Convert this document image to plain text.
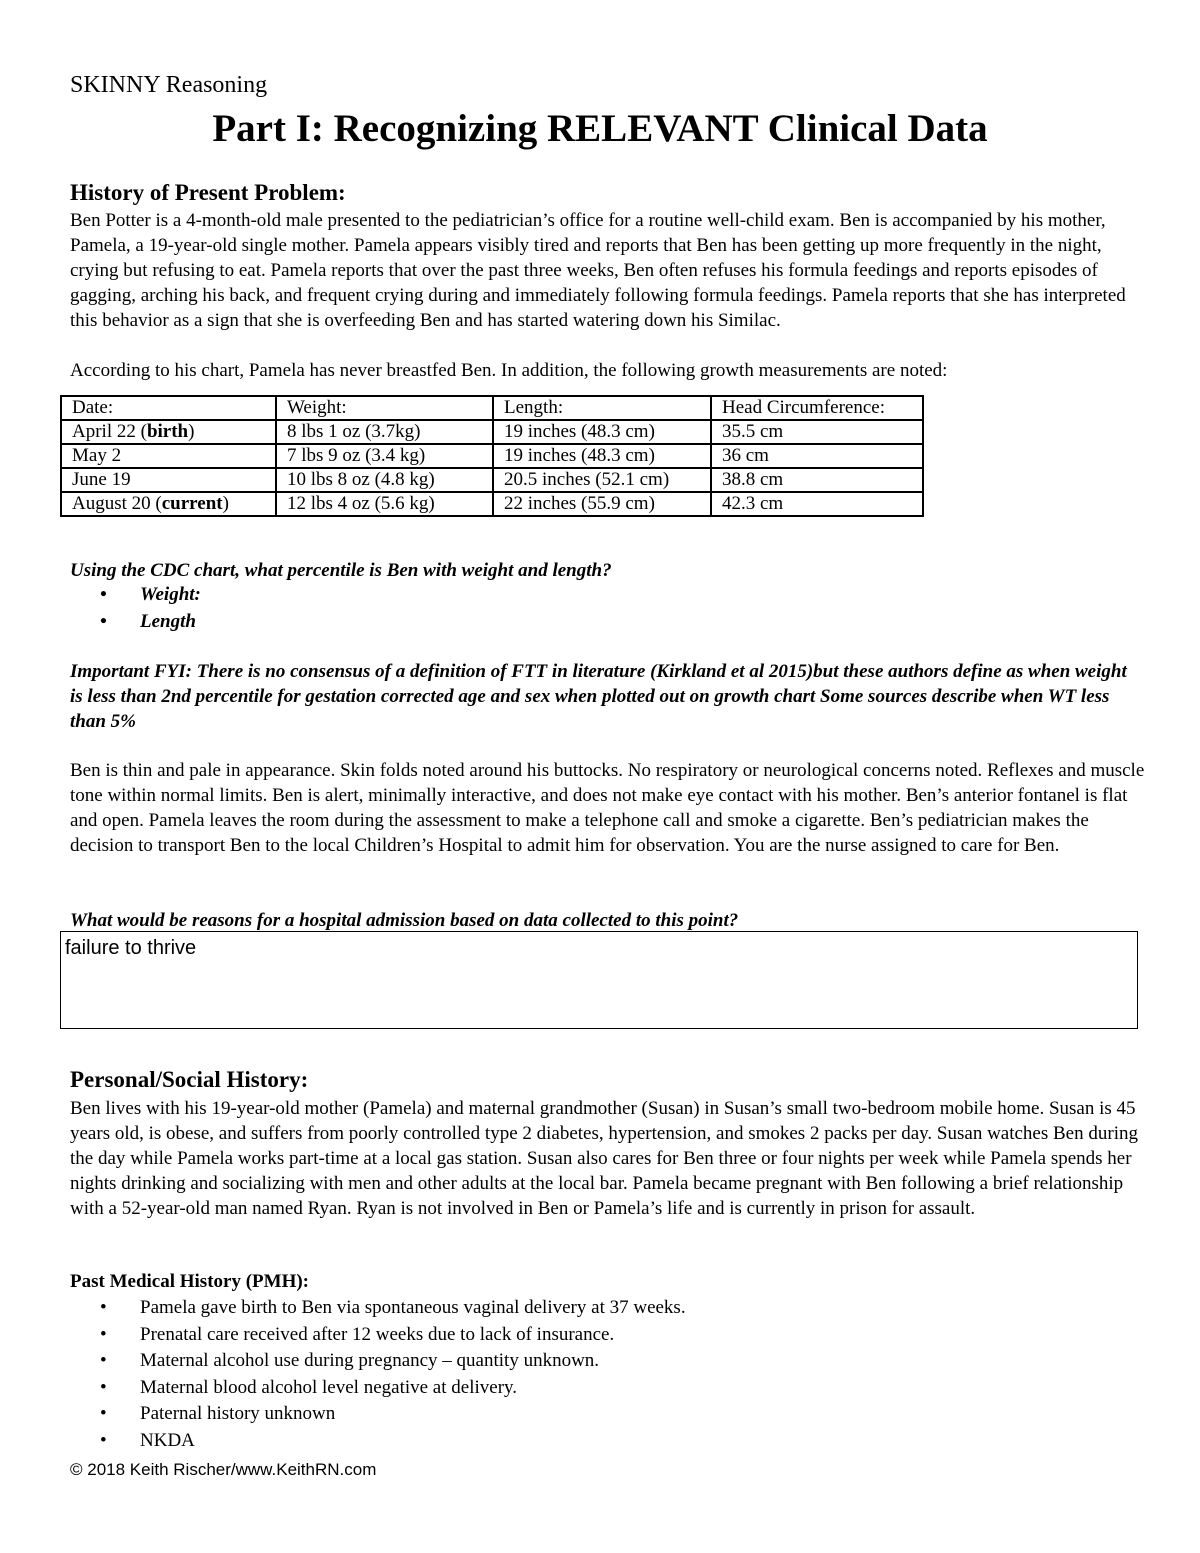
SKINNY Reasoning
Part I: Recognizing RELEVANT Clinical Data
History of Present Problem:

Ben Potter is a 4-month-old male presented to the pediatrician’s office for a routine well-child exam. Ben is accompanied by his mother, Pamela, a 19-year-old single mother. Pamela appears visibly tired and reports that Ben has been getting up more frequently in the night, crying but refusing to eat. Pamela reports that over the past three weeks, Ben often refuses his formula feedings and reports episodes of gagging, arching his back, and frequent crying during and immediately following formula feedings. Pamela reports that she has interpreted this behavior as a sign that she is overfeeding Ben and has started watering down his Similac.

According to his chart, Pamela has never breastfed Ben. In addition, the following growth measurements are noted:

Date:	Weight:	Length:	Head Circumference:
April 22 (birth)	8 lbs 1 oz (3.7kg)	19 inches (48.3 cm)	35.5 cm
May 2	7 lbs 9 oz (3.4 kg)	19 inches (48.3 cm)	36 cm
June 19	10 lbs 8 oz (4.8 kg)	20.5 inches (52.1 cm)	38.8 cm
August 20 (current)	12 lbs 4 oz (5.6 kg)	22 inches (55.9 cm)	42.3 cm

Using the CDC chart, what percentile is Ben with weight and length?

• Weight:
• Length

Important FYI: There is no consensus of a definition of FTT in literature (Kirkland et al 2015)but these authors define as when weight is less than 2nd percentile for gestation corrected age and sex when plotted out on growth chart Some sources describe when WT less than 5%

Ben is thin and pale in appearance. Skin folds noted around his buttocks. No respiratory or neurological concerns noted. Reflexes and muscle tone within normal limits. Ben is alert, minimally interactive, and does not make eye contact with his mother. Ben’s anterior fontanel is flat and open. Pamela leaves the room during the assessment to make a telephone call and smoke a cigarette. Ben’s pediatrician makes the decision to transport Ben to the local Children’s Hospital to admit him for observation. You are the nurse assigned to care for Ben.

What would be reasons for a hospital admission based on data collected to this point?

failure to thrive
Personal/Social History:

Ben lives with his 19-year-old mother (Pamela) and maternal grandmother (Susan) in Susan’s small two-bedroom mobile home. Susan is 45 years old, is obese, and suffers from poorly controlled type 2 diabetes, hypertension, and smokes 2 packs per day. Susan watches Ben during the day while Pamela works part-time at a local gas station. Susan also cares for Ben three or four nights per week while Pamela spends her nights drinking and socializing with men and other adults at the local bar. Pamela became pregnant with Ben following a brief relationship with a 52-year-old man named Ryan. Ryan is not involved in Ben or Pamela’s life and is currently in prison for assault.

Past Medical History (PMH):
• Pamela gave birth to Ben via spontaneous vaginal delivery at 37 weeks.
• Prenatal care received after 12 weeks due to lack of insurance.
• Maternal alcohol use during pregnancy – quantity unknown.
• Maternal blood alcohol level negative at delivery.
• Paternal history unknown
• NKDA
© 2018 Keith Rischer/www.KeithRN.com
